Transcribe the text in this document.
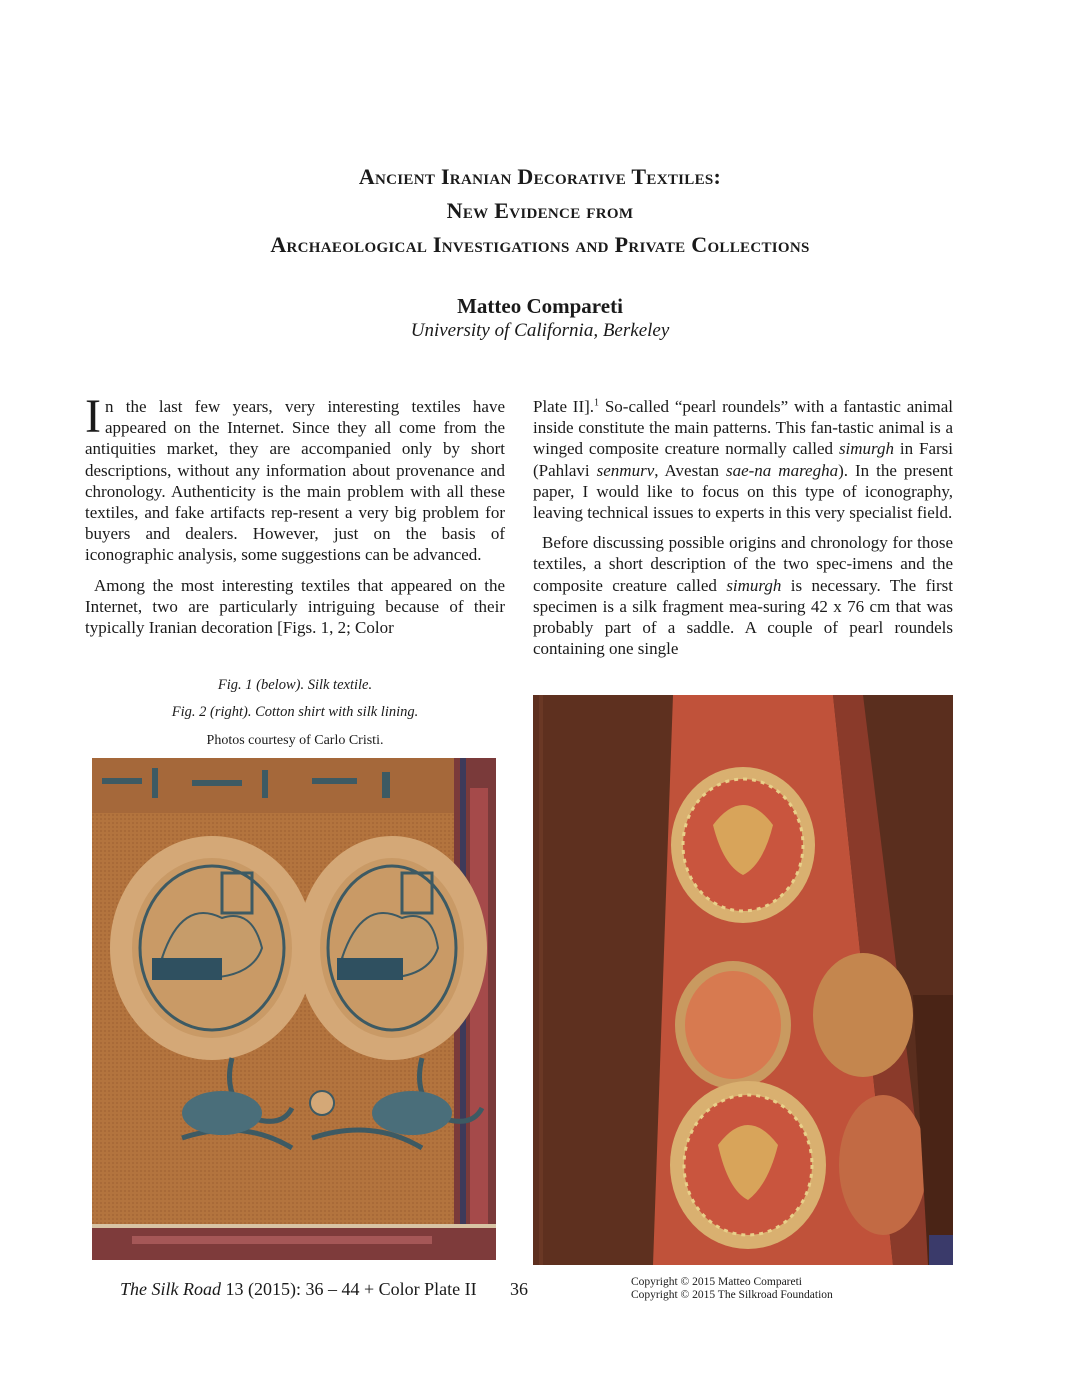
Ancient Iranian Decorative Textiles:
New Evidence from
Archaeological Investigations and Private Collections
Matteo Compareti
University of California, Berkeley

In the last few years, very interesting textiles have appeared on the Internet. Since they all come from the antiquities market, they are accompanied only by short descriptions, without any information about provenance and chronology. Authenticity is the main problem with all these textiles, and fake artifacts rep-resent a very big problem for buyers and dealers. However, just on the basis of iconographic analysis, some suggestions can be advanced.

Among the most interesting textiles that appeared on the Internet, two are particularly intriguing because of their typically Iranian decoration [Figs. 1, 2; Color

Plate II].$^1$ So-called “pearl roundels” with a fantastic animal inside constitute the main patterns. This fan-tastic animal is a winged composite creature normally called simurgh in Farsi (Pahlavi senmurv, Avestan sae-na maregha). In the present paper, I would like to focus on this type of iconography, leaving technical issues to experts in this very specialist field.

Before discussing possible origins and chronology for those textiles, a short description of the two spec-imens and the composite creature called simurgh is necessary. The first specimen is a silk fragment mea-suring 42 x 76 cm that was probably part of a saddle. A couple of pearl roundels containing one single

Fig. 1 (below). Silk textile.
Fig. 2 (right). Cotton shirt with silk lining.
Photos courtesy of Carlo Cristi.
The Silk Road 13 (2015): 36 – 44 + Color Plate II 36	Copyright © 2015 Matteo Compareti
Copyright © 2015 The Silkroad Foundation
